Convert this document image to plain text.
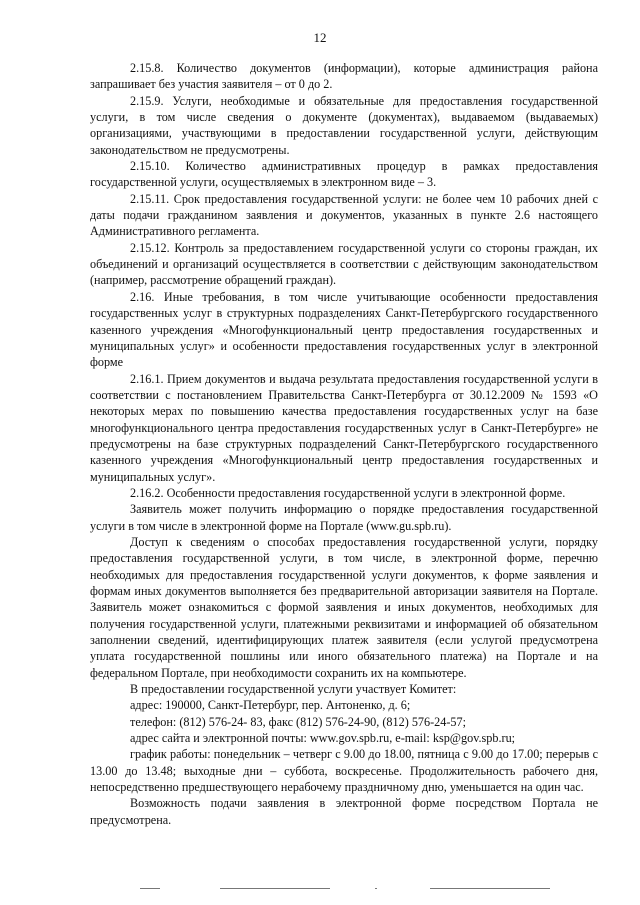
12

2.15.8. Количество документов (информации), которые администрация района запрашивает без участия заявителя – от 0 до 2.

2.15.9. Услуги, необходимые и обязательные для предоставления государственной услуги, в том числе сведения о документе (документах), выдаваемом (выдаваемых) организациями, участвующими в предоставлении государственной услуги, действующим законодательством не предусмотрены.

2.15.10. Количество административных процедур в рамках предоставления государственной услуги, осуществляемых в электронном виде – 3.

2.15.11. Срок предоставления государственной услуги: не более чем 10 рабочих дней с даты подачи гражданином заявления и документов, указанных в пункте 2.6 настоящего Административного регламента.

2.15.12. Контроль за предоставлением государственной услуги со стороны граждан, их объединений и организаций осуществляется в соответствии с действующим законодательством (например, рассмотрение обращений граждан).

2.16. Иные требования, в том числе учитывающие особенности предоставления государственных услуг в структурных подразделениях Санкт-Петербургского государственного казенного учреждения «Многофункциональный центр предоставления государственных и муниципальных услуг» и особенности предоставления государственных услуг в электронной форме

2.16.1. Прием документов и выдача результата предоставления государственной услуги в соответствии с постановлением Правительства Санкт-Петербурга от 30.12.2009 № 1593 «О некоторых мерах по повышению качества предоставления государственных услуг на базе многофункционального центра предоставления государственных услуг в Санкт-Петербурге» не предусмотрены на базе структурных подразделений Санкт-Петербургского государственного казенного учреждения «Многофункциональный центр предоставления государственных и муниципальных услуг».

2.16.2. Особенности предоставления государственной услуги в электронной форме.

Заявитель может получить информацию о порядке предоставления государственной услуги в том числе в электронной форме на Портале (www.gu.spb.ru).

Доступ к сведениям о способах предоставления государственной услуги, порядку предоставления государственной услуги, в том числе, в электронной форме, перечню необходимых для предоставления государственной услуги документов, к форме заявления и формам иных документов выполняется без предварительной авторизации заявителя на Портале. Заявитель может ознакомиться с формой заявления и иных документов, необходимых для получения государственной услуги, платежными реквизитами и информацией об обязательном заполнении сведений, идентифицирующих платеж заявителя (если услугой предусмотрена уплата государственной пошлины или иного обязательного платежа) на Портале и на федеральном Портале, при необходимости сохранить их на компьютере.

В предоставлении государственной услуги участвует Комитет:

адрес: 190000, Санкт-Петербург, пер. Антоненко, д. 6;

телефон: (812) 576-24- 83, факс (812) 576-24-90, (812) 576-24-57;

адрес сайта и электронной почты: www.gov.spb.ru, e-mail: ksp@gov.spb.ru;

график работы: понедельник – четверг с 9.00 до 18.00, пятница с 9.00 до 17.00; перерыв с 13.00 до 13.48; выходные дни – суббота, воскресенье. Продолжительность рабочего дня, непосредственно предшествующего нерабочему праздничному дню, уменьшается на один час.

Возможность подачи заявления в электронной форме посредством Портала не предусмотрена.
